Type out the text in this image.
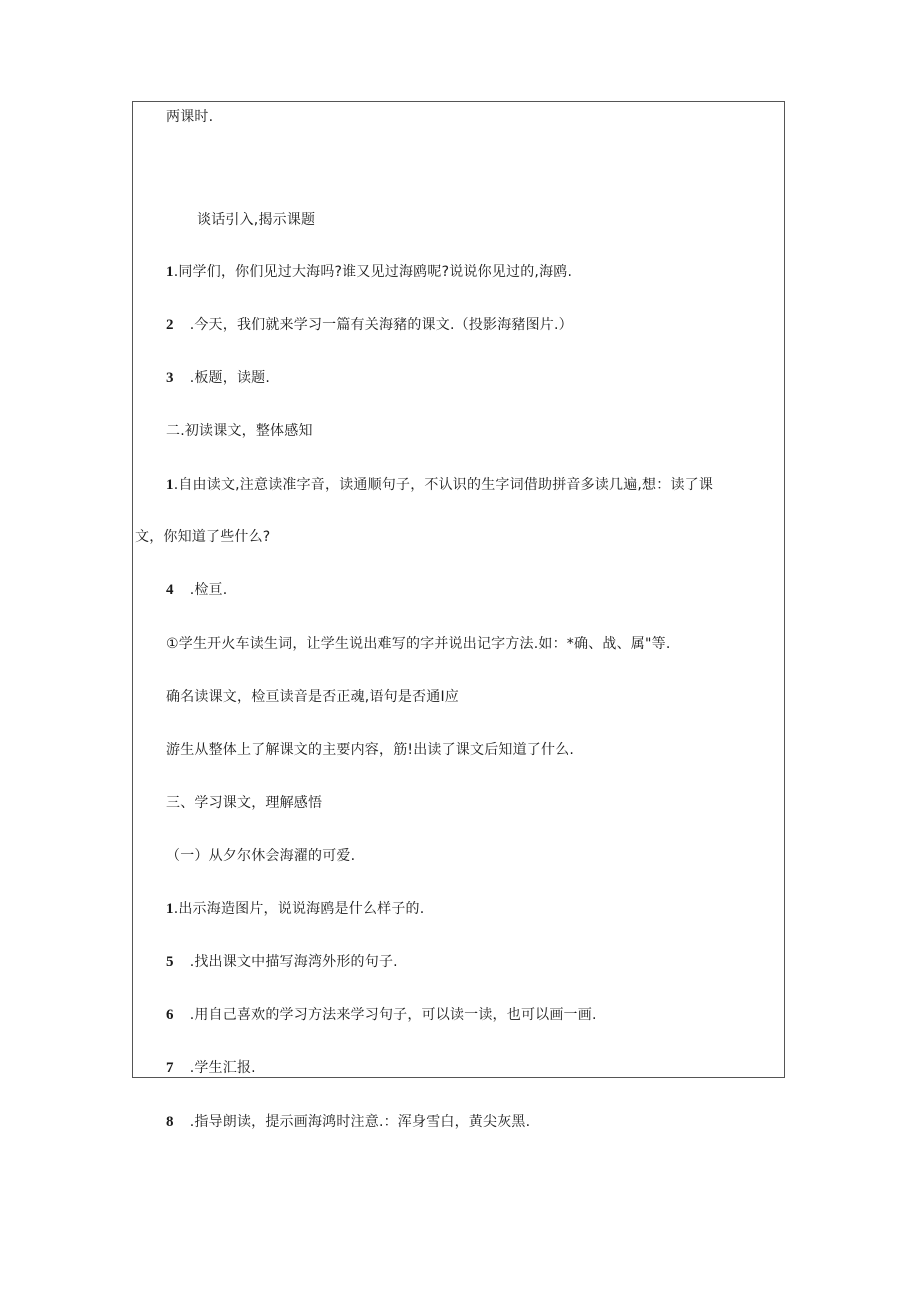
两课时.
谈话引入,揭示课题
1.同学们，你们见过大海吗?谁又见过海鸥呢?说说你见过的,海鸥.
2 .今天，我们就来学习一篇有关海豬的课文.（投影海豬图片.）
3 .板题，读题.
二.初读课文，整体感知
1.自由读文,注意读准字音，读通顺句子，不认识的生字词借助拼音多读几遍,想：读了课
文，你知道了些什么?
4 .检亘.
①学生开火车读生词，让学生说出难写的字并说出记字方法.如：*确、战、属"等.
确名读课文，检亘读音是否正魂,语句是否通I应
游生从整体上了解课文的主要内容，筋!出读了课文后知道了什么.
三、学习课文，理解感悟
（一）从夕尔休会海濯的可爱.
1.出示海造图片，说说海鸥是什么样子的.
5 .找出课文中描写海湾外形的句子.
6 .用自己喜欢的学习方法来学习句子，可以读一读，也可以画一画.
7 .学生汇报.
8 .指导朗读，提示画海鸿时注意.：浑身雪白，黄尖灰黑.
